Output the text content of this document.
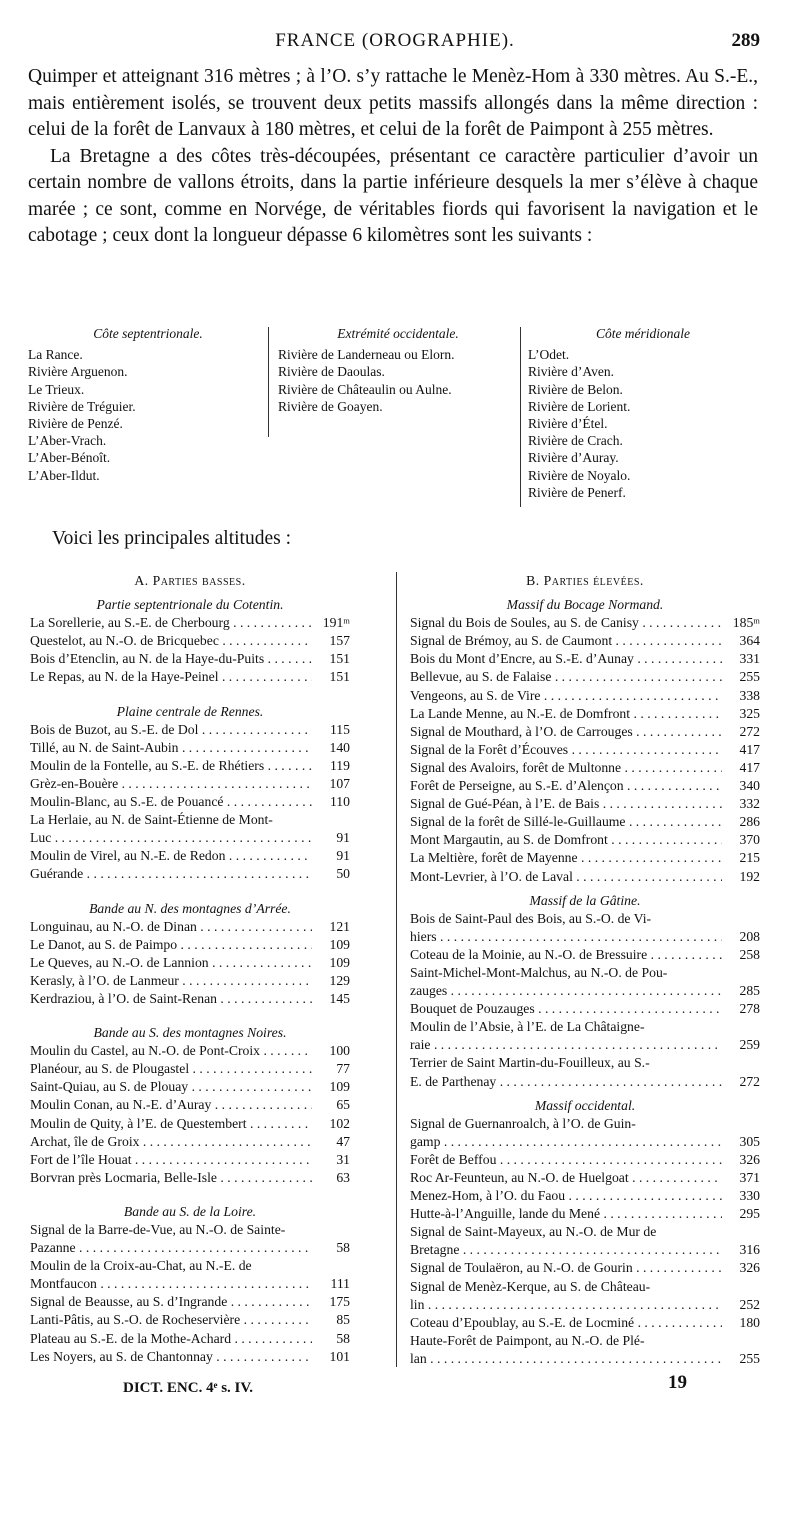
FRANCE (OROGRAPHIE).	289

Quimper et atteignant 316 mètres ; à l’O. s’y rattache le Menèz-Hom à 330 mètres. Au S.-E., mais entièrement isolés, se trouvent deux petits massifs allongés dans la même direction : celui de la forêt de Lanvaux à 180 mètres, et celui de la forêt de Paimpont à 255 mètres.

La Bretagne a des côtes très-découpées, présentant ce caractère particulier d’avoir un certain nombre de vallons étroits, dans la partie inférieure desquels la mer s’élève à chaque marée ; ce sont, comme en Norvége, de véritables fiords qui favorisent la navigation et le cabotage ; ceux dont la longueur dépasse 6 kilomètres sont les suivants :

Côte septentrionale.
La Rance.
Rivière Arguenon.
Le Trieux.
Rivière de Tréguier.
Rivière de Penzé.
L’Aber-Vrach.
L’Aber-Bénoît.
L’Aber-Ildut.
Extrémité occidentale.
Rivière de Landerneau ou Elorn.
Rivière de Daoulas.
Rivière de Châteaulin ou Aulne.
Rivière de Goayen.
Côte méridionale
L’Odet.
Rivière d’Aven.
Rivière de Belon.
Rivière de Lorient.
Rivière d’Étel.
Rivière de Crach.
Rivière d’Auray.
Rivière de Noyalo.
Rivière de Penerf.
Voici les principales altitudes :
A. Parties basses.
Partie septentrionale du Cotentin.
La Sorellerie, au S.-E. de Cherbourg . . .	191ᵐ
Questelot, au N.-O. de Bricquebec . . .	157
Bois d’Etenclin, au N. de la Haye-du-Puits . . .	151
Le Repas, au N. de la Haye-Peinel . . .	151
Plaine centrale de Rennes.
Bois de Buzot, au S.-E. de Dol . . .	115
Tillé, au N. de Saint-Aubin . . .	140
Moulin de la Fontelle, au S.-E. de Rhétiers . . .	119
Grèz-en-Bouère . . .	107
Moulin-Blanc, au S.-E. de Pouancé . . .	110
La Herlaie, au N. de Saint-Étienne de Mont-
Luc . . .	91
Moulin de Virel, au N.-E. de Redon . . .	91
Guérande . . .	50
Bande au N. des montagnes d’Arrée.
Longuinau, au N.-O. de Dinan . . .	121
Le Danot, au S. de Paimpo . . .	109
Le Queves, au N.-O. de Lannion . . .	109
Kerasly, à l’O. de Lanmeur . . .	129
Kerdraziou, à l’O. de Saint-Renan . . .	145
Bande au S. des montagnes Noires.
Moulin du Castel, au N.-O. de Pont-Croix . . .	100
Planéour, au S. de Plougastel . . .	77
Saint-Quiau, au S. de Plouay . . .	109
Moulin Conan, au N.-E. d’Auray . . .	65
Moulin de Quity, à l’E. de Questembert . . .	102
Archat, île de Groix . . .	47
Fort de l’île Houat . . .	31
Borvran près Locmaria, Belle-Isle . . .	63
Bande au S. de la Loire.
Signal de la Barre-de-Vue, au N.-O. de Sainte-
Pazanne . . .	58
Moulin de la Croix-au-Chat, au N.-E. de
Montfaucon . . .	111
Signal de Beausse, au S. d’Ingrande . . .	175
Lanti-Pâtis, au S.-O. de Rocheservière . . .	85
Plateau au S.-E. de la Mothe-Achard . . .	58
Les Noyers, au S. de Chantonnay . . .	101
B. Parties élevées.
Massif du Bocage Normand.
Signal du Bois de Soules, au S. de Canisy . . .	185ᵐ
Signal de Brémoy, au S. de Caumont . . .	364
Bois du Mont d’Encre, au S.-E. d’Aunay . . .	331
Bellevue, au S. de Falaise . . .	255
Vengeons, au S. de Vire . . .	338
La Lande Menne, au N.-E. de Domfront . . .	325
Signal de Mouthard, à l’O. de Carrouges . . .	272
Signal de la Forêt d’Écouves . . .	417
Signal des Avaloirs, forêt de Multonne . . .	417
Forêt de Perseigne, au S.-E. d’Alençon . . .	340
Signal de Gué-Péan, à l’E. de Bais . . .	332
Signal de la forêt de Sillé-le-Guillaume . . .	286
Mont Margautin, au S. de Domfront . . .	370
La Meltière, forêt de Mayenne . . .	215
Mont-Levrier, à l’O. de Laval . . .	192
Massif de la Gâtine.
Bois de Saint-Paul des Bois, au S.-O. de Vi-
hiers . . .	208
Coteau de la Moinie, au N.-O. de Bressuire . . .	258
Saint-Michel-Mont-Malchus, au N.-O. de Pou-
zauges . . .	285
Bouquet de Pouzauges . . .	278
Moulin de l’Absie, à l’E. de La Châtaigne-
raie . . .	259
Terrier de Saint Martin-du-Fouilleux, au S.-
E. de Parthenay . . .	272
Massif occidental.
Signal de Guernanroalch, à l’O. de Guin-
gamp . . .	305
Forêt de Beffou . . .	326
Roc Ar-Feunteun, au N.-O. de Huelgoat . . .	371
Menez-Hom, à l’O. du Faou . . .	330
Hutte-à-l’Anguille, lande du Mené . . .	295
Signal de Saint-Mayeux, au N.-O. de Mur de
Bretagne . . .	316
Signal de Toulaëron, au N.-O. de Gourin . . .	326
Signal de Menèz-Kerque, au S. de Château-
lin . . .	252
Coteau d’Epoublay, au S.-E. de Locminé . . .	180
Haute-Forêt de Paimpont, au N.-O. de Plé-
lan . . .	255
DICT. ENC. 4ᵉ s. IV.	19
